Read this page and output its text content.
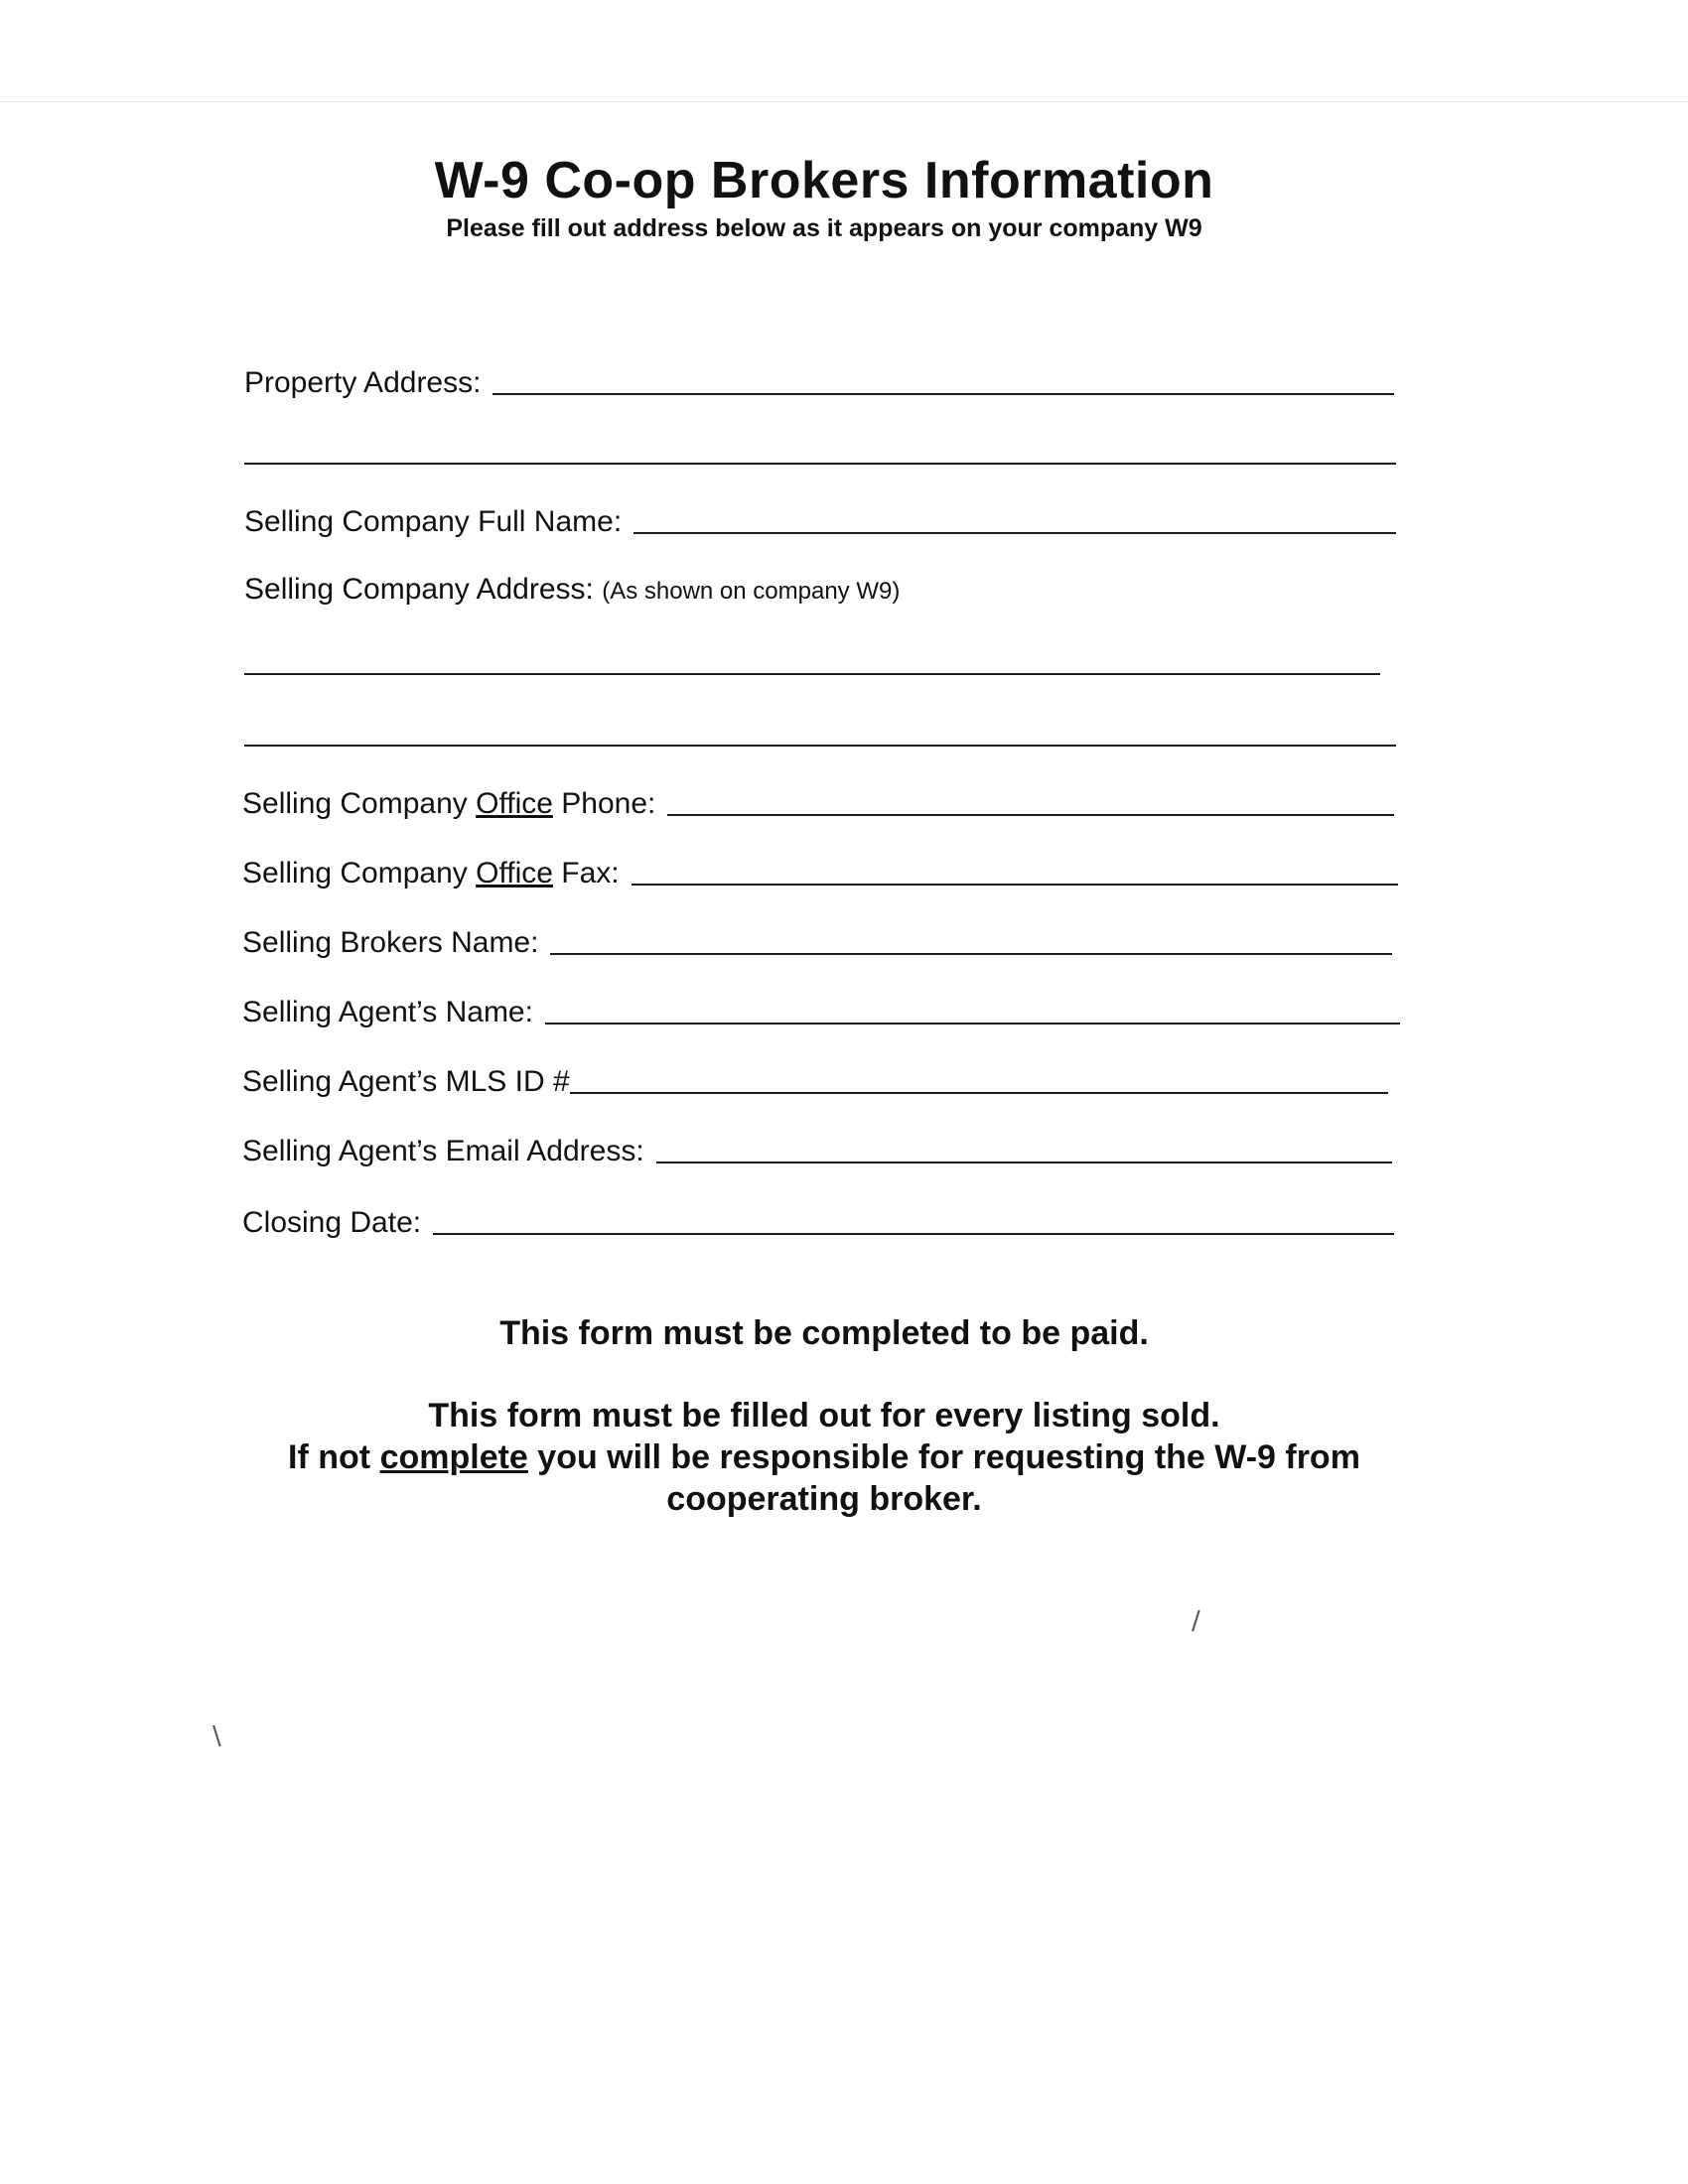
W-9 Co-op Brokers Information
Please fill out address below as it appears on your company W9
Property Address:
Selling Company Full Name:
Selling Company Address: (As shown on company W9)
Selling Company Office Phone:
Selling Company Office Fax:
Selling Brokers Name:
Selling Agent’s Name:
Selling Agent’s MLS ID #
Selling Agent’s Email Address:
Closing Date:
This form must be completed to be paid.
This form must be filled out for every listing sold.
If not complete you will be responsible for requesting the W-9 from
cooperating broker.
/
\
